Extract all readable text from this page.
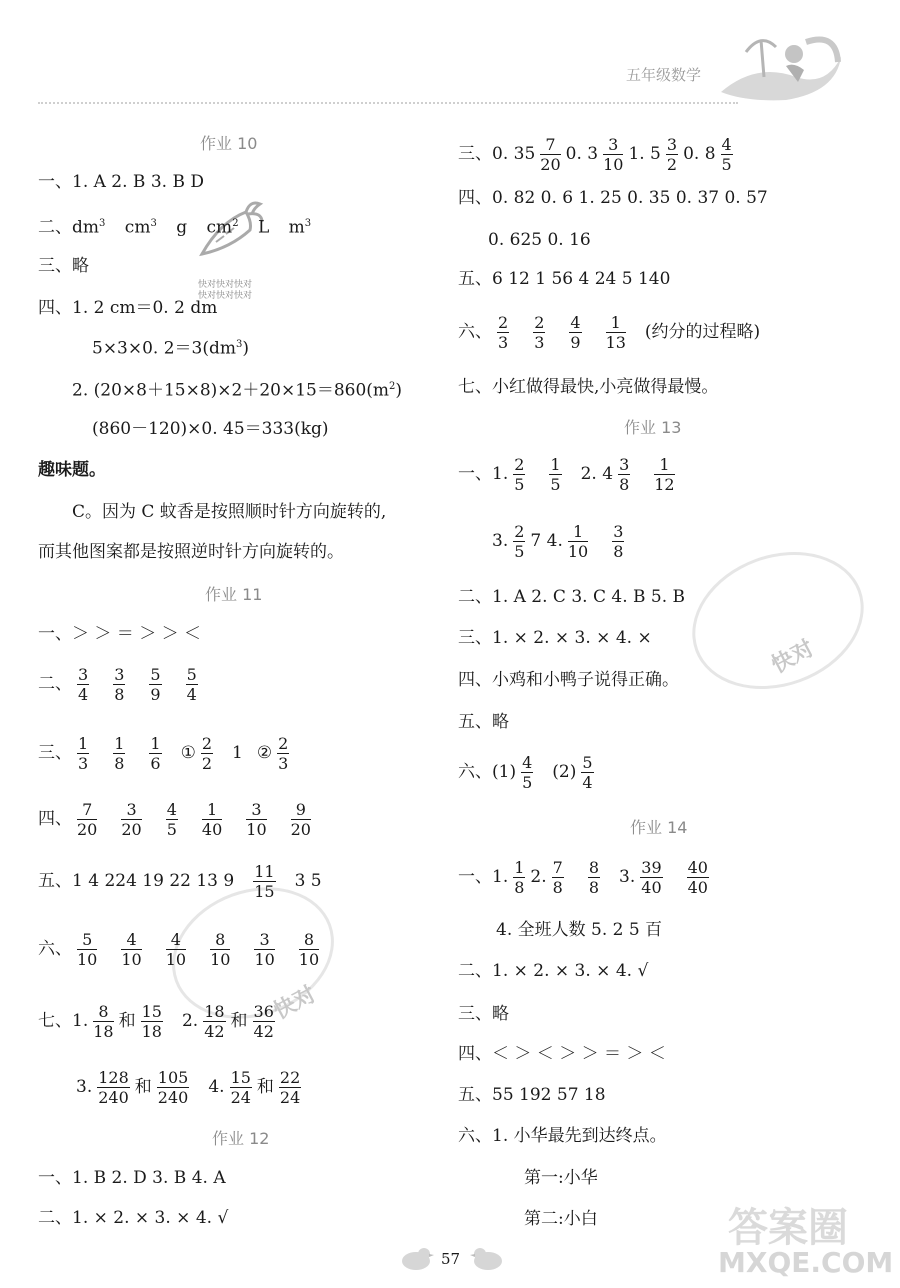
五年级数学
快对快对快对
快对快对快对
快对
快对
答案圈
MXQE.COM
作业 10
一、1. A 2. B 3. B D
二、$dm^3$ $cm^3$ g $cm^2$ L $m^3$
三、略
四、1. 2 cm＝0. 2 dm
5×3×0. $2=3(dm^3)$
2. $(20\times 8+15\times 8)\times 2+20\times 15=860(m^2)$
(860－120)×0. 45＝333(kg)
趣味题。
C。因为 C 蚊香是按照顺时针方向旋转的,
而其他图案都是按照逆时针方向旋转的。
作业 11
一、＞ ＞ ＝ ＞ ＞ ＜
二、 $\frac{3}{4} \frac{3}{8} \frac{5}{9} \frac{5}{4}$
三、 $\frac{1}{3} \frac{1}{8} \frac{1}{6}$ ① $\frac{2}{2} 1$ ② $\frac{2}{3}$
四、 $\frac{7}{20} \frac{3}{20} \frac{4}{5} \frac{1}{40} \frac{3}{10} \frac{9}{20}$
五、1 4 224 19 22 13 $9 \frac{11}{15} 3$ 5
六、 $\frac{5}{10} \frac{4}{10} \frac{4}{10} \frac{8}{10} \frac{3}{10} \frac{8}{10}$
七、1. $\frac{8}{18}$ 和 $\frac{15}{18} 2$. $\frac{18}{42}$ 和 $\frac{36}{42}$
3. $\frac{128}{240}$ 和 $\frac{105}{240} 4$. $\frac{15}{24}$ 和 $\frac{22}{24}$
作业 12
一、1. B 2. D 3. B 4. A
二、1. × 2. × 3. × 4. √
三、0. $35 \frac{7}{20} 0$. $3 \frac{3}{10} 1$. $5 \frac{3}{2} 0$. $8 \frac{4}{5}$
四、0. 82 0. 6 1. 25 0. 35 0. 37 0. 57
0. 625 0. 16
五、6 12 1 56 4 24 5 140
六、 $\frac{2}{3} \frac{2}{3} \frac{4}{9} \frac{1}{13}$ (约分的过程略)
七、小红做得最快,小亮做得最慢。
作业 13
一、1. $\frac{2}{5} \frac{1}{5} 2$. $4 \frac{3}{8} \frac{1}{12}$
3. $\frac{2}{5} 7$ 4. $\frac{1}{10} \frac{3}{8}$
二、1. A 2. C 3. C 4. B 5. B
三、1. × 2. × 3. × 4. ×
四、小鸡和小鸭子说得正确。
五、略
六、$(1) \frac{4}{5} (2) \frac{5}{4}$
作业 14
一、1. $\frac{1}{8} 2$. $\frac{7}{8} \frac{8}{8} 3$. $\frac{39}{40} \frac{40}{40}$
4. 全班人数 5. 2 5 百
二、1. × 2. × 3. × 4. √
三、略
四、＜ ＞ ＜ ＞ ＞ ＝ ＞ ＜
五、55 192 57 18
六、1. 小华最先到达终点。
第一:小华
第二:小白
57
